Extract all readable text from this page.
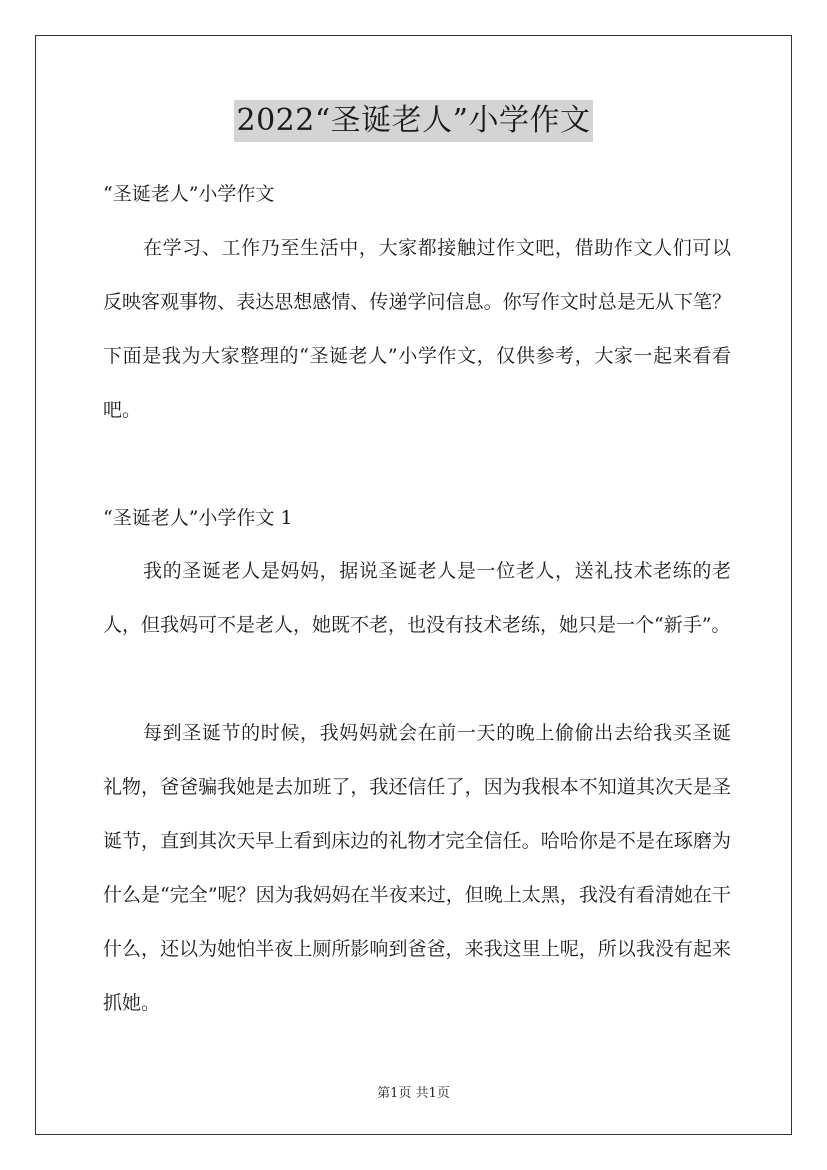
2022“圣诞老人”小学作文

“圣诞老人”小学作文

在学习、工作乃至生活中，大家都接触过作文吧，借助作文人们可以反映客观事物、表达思想感情、传递学问信息。你写作文时总是无从下笔？下面是我为大家整理的“圣诞老人”小学作文，仅供参考，大家一起来看看吧。

“圣诞老人”小学作文 1

我的圣诞老人是妈妈，据说圣诞老人是一位老人，送礼技术老练的老人，但我妈可不是老人，她既不老，也没有技术老练，她只是一个“新手”。

每到圣诞节的时候，我妈妈就会在前一天的晚上偷偷出去给我买圣诞礼物，爸爸骗我她是去加班了，我还信任了，因为我根本不知道其次天是圣诞节，直到其次天早上看到床边的礼物才完全信任。哈哈你是不是在琢磨为什么是“完全”呢？因为我妈妈在半夜来过，但晚上太黑，我没有看清她在干什么，还以为她怕半夜上厕所影响到爸爸，来我这里上呢，所以我没有起来抓她。

第1页 共1页
